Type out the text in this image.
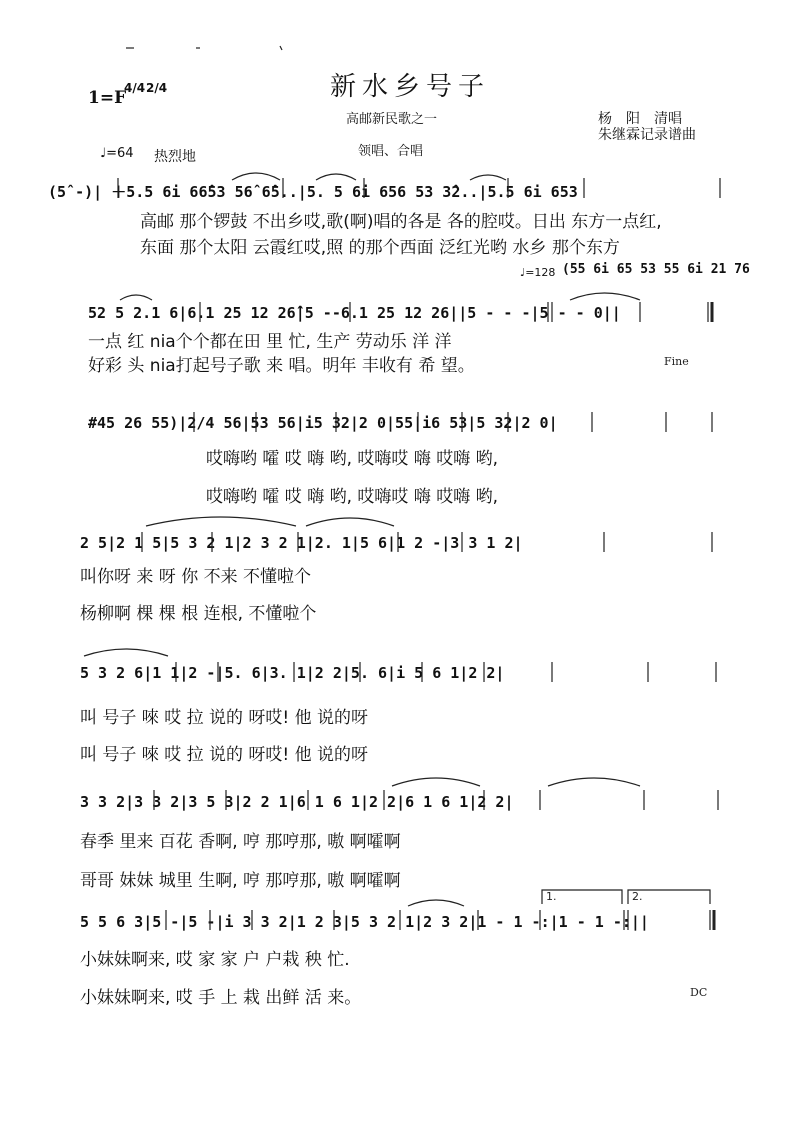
1=F
4/4 2/4	新水乡号子
高邮新民歌之一
领唱、合唱
杨　阳　清唱
朱继霖记录谱曲
♩=64 热烈地
(5̂ -)| ＋5.5 6i 66̂53 56̂ 6̂5..|5. 5 6i 656 53 3̂2..|5.5 6i 653
高邮 那个锣鼓 不出乡哎,歌(啊)唱的各是 各的腔哎。日出 东方一点红,
东面 那个太阳 云霞红哎,照 的那个西面 泛红光哟 水乡 那个东方
♩=128 (55 6i 65 53 55 6i 21 76
52 5 2.1 6|6.1 25 12 26̂|5 --6.1 25 12 26||5 - - -|5 - - 0||
一点 红 nia个个都在田 里 忙, 生产 劳动乐 洋 洋
好彩 头 nia打起号子歌 来 唱。明年 丰收有 希 望。	Fine
#45 26 55)|2/4 56|53 56|i5 32|2 0|55|i6 53|5 32|2 0|
哎嗨哟 嚯 哎 嗨 哟, 哎嗨哎 嗨 哎嗨 哟,
哎嗨哟 嚯 哎 嗨 哟, 哎嗨哎 嗨 哎嗨 哟,
2 5|2 1 5|5 3 2 1|2 3 2 1|2. 1|5 6|1 2 -|3 3 1 2|
叫你呀 来 呀 你 不来 不懂啦个
杨柳啊 棵 棵 根 连根, 不懂啦个
5 3 2 6|1 1|2 -|5. 6|3. 1|2 2|5. 6|i 5 6 1|2 2|
叫 号子 唻 哎 拉 说的 呀哎! 他 说的呀
叫 号子 唻 哎 拉 说的 呀哎! 他 说的呀
3 3 2|3 3 2|3 5 3|2 2 1|6 1 6 1|2 2|6 1 6 1|2 2|
春季 里来 百花 香啊, 哼 那哼那, 嗷 啊嚯啊
哥哥 妹妹 城里 生啊, 哼 那哼那, 嗷 啊嚯啊
1.	2.
5 5 6 3|5 -|5 -|i 3 3 2|1 2 3|5 3 2 1|2 3 2|1 - 1 -:|1 - 1 -:||
小妹妹啊来, 哎 家 家 户 户栽 秧 忙.
小妹妹啊来, 哎 手 上 栽 出鲜 活 来。	DC
